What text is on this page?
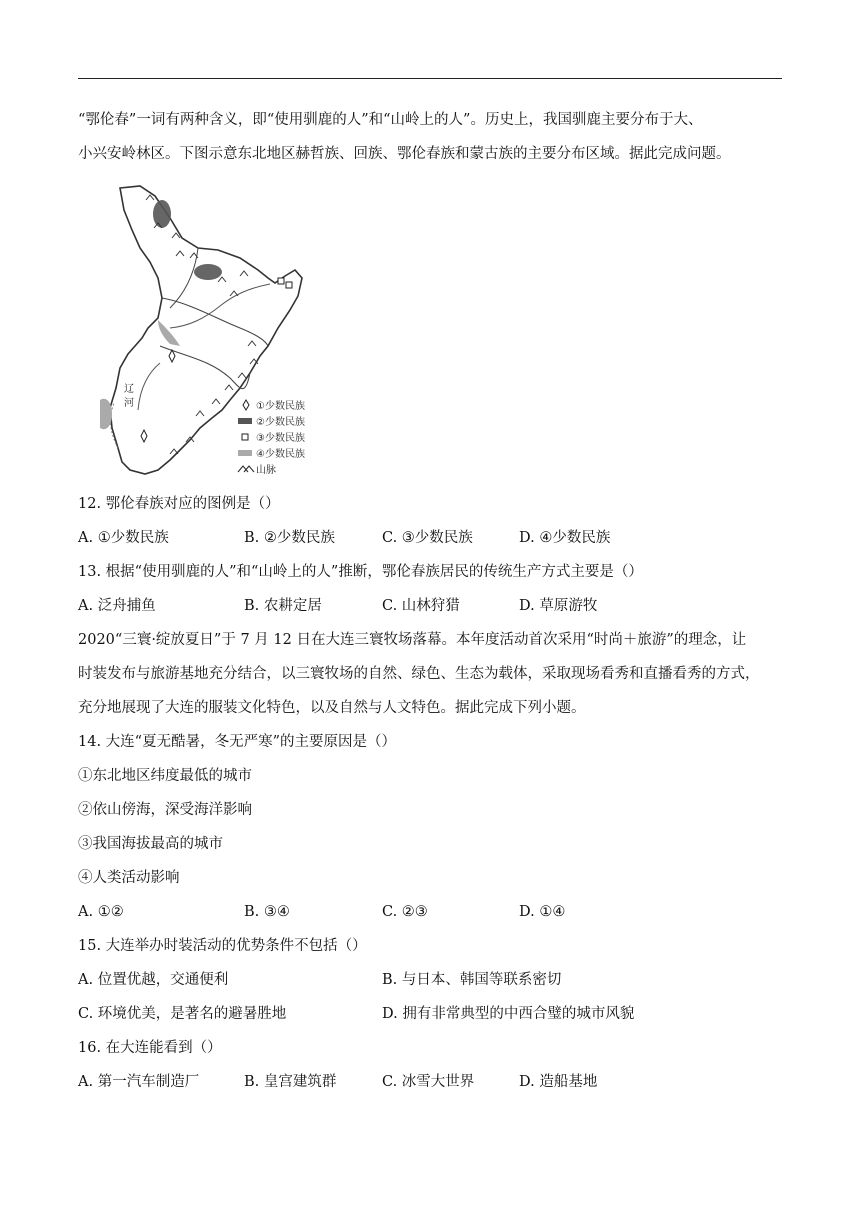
“鄂伦春”一词有两种含义，即“使用驯鹿的人”和“山岭上的人”。历史上，我国驯鹿主要分布于大、
小兴安岭林区。下图示意东北地区赫哲族、回族、鄂伦春族和蒙古族的主要分布区域。据此完成问题。
辽
河	①少数民族
②少数民族
③少数民族
④少数民族
山脉
12. 鄂伦春族对应的图例是（）
A. ①少数民族	B. ②少数民族	C. ③少数民族	D. ④少数民族
13. 根据“使用驯鹿的人”和“山岭上的人”推断，鄂伦春族居民的传统生产方式主要是（）
A. 泛舟捕鱼	B. 农耕定居	C. 山林狩猎	D. 草原游牧
2020“三寰·绽放夏日”于 7 月 12 日在大连三寰牧场落幕。本年度活动首次采用“时尚＋旅游”的理念，让
时装发布与旅游基地充分结合，以三寰牧场的自然、绿色、生态为载体，采取现场看秀和直播看秀的方式，
充分地展现了大连的服装文化特色，以及自然与人文特色。据此完成下列小题。
14. 大连“夏无酷暑，冬无严寒”的主要原因是（）
①东北地区纬度最低的城市
②依山傍海，深受海洋影响
③我国海拔最高的城市
④人类活动影响
A. ①②	B. ③④	C. ②③	D. ①④
15. 大连举办时装活动的优势条件不包括（）
A. 位置优越，交通便利	B. 与日本、韩国等联系密切
C. 环境优美，是著名的避暑胜地	D. 拥有非常典型的中西合璧的城市风貌
16. 在大连能看到（）
A. 第一汽车制造厂	B. 皇宫建筑群	C. 冰雪大世界	D. 造船基地
